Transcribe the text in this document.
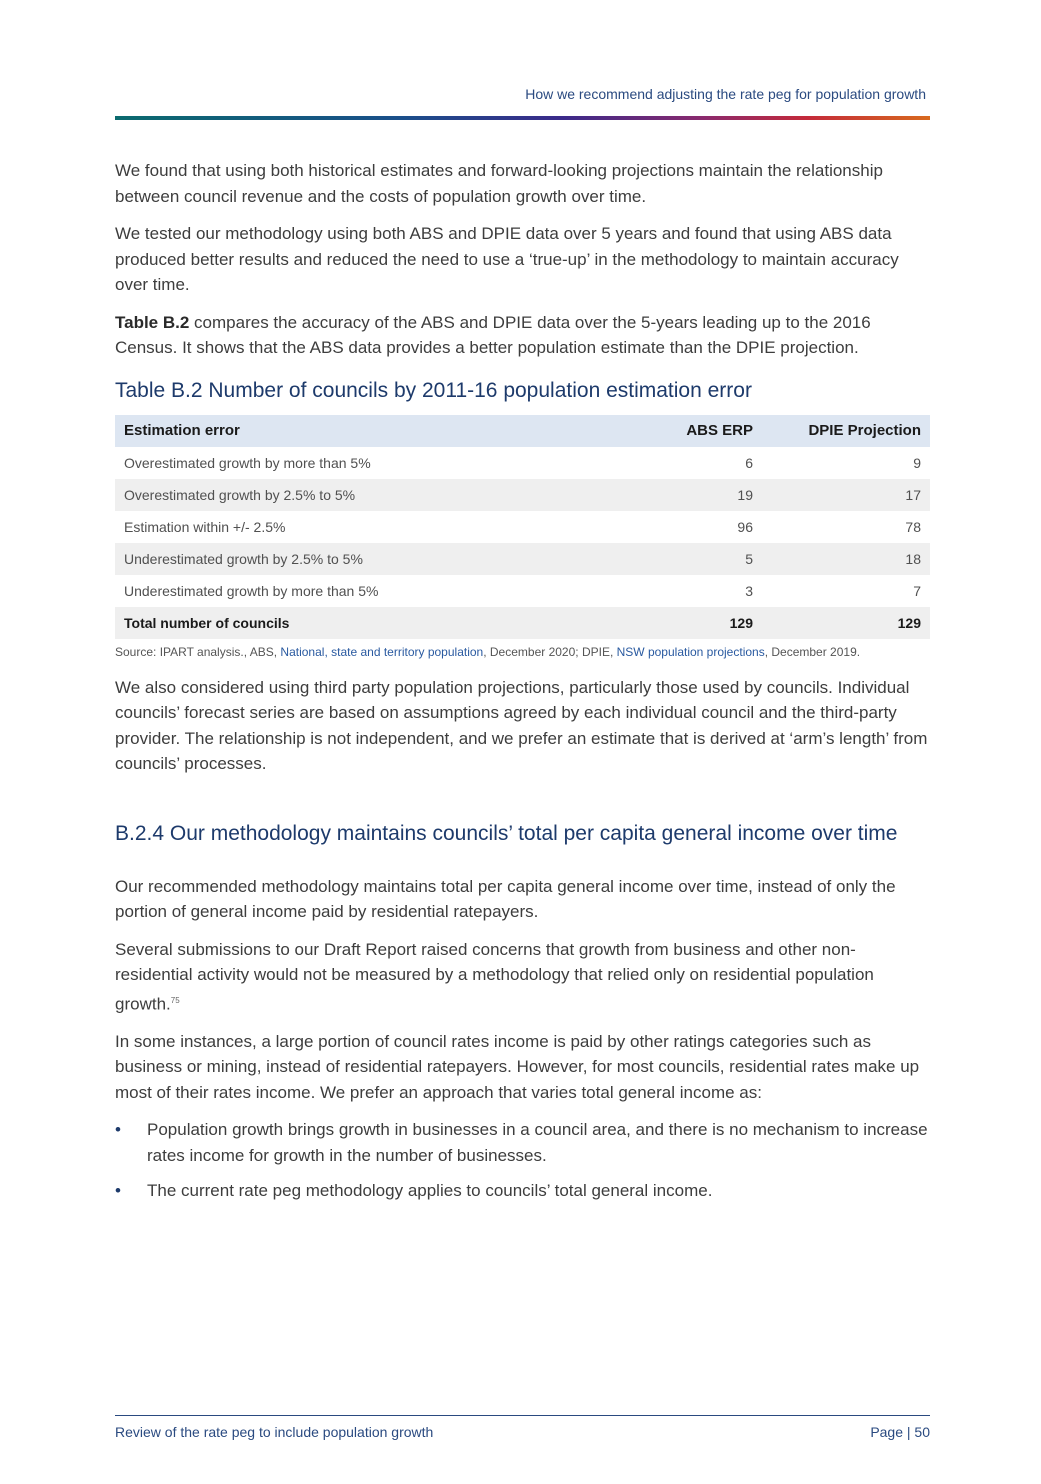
How we recommend adjusting the rate peg for population growth

We found that using both historical estimates and forward-looking projections maintain the relationship between council revenue and the costs of population growth over time.

We tested our methodology using both ABS and DPIE data over 5 years and found that using ABS data produced better results and reduced the need to use a ‘true-up’ in the methodology to maintain accuracy over time.

Table B.2 compares the accuracy of the ABS and DPIE data over the 5-years leading up to the 2016 Census. It shows that the ABS data provides a better population estimate than the DPIE projection.

Table B.2 Number of councils by 2011-16 population estimation error
Estimation error	ABS ERP	DPIE Projection
Overestimated growth by more than 5%	6	9
Overestimated growth by 2.5% to 5%	19	17
Estimation within +/- 2.5%	96	78
Underestimated growth by 2.5% to 5%	5	18
Underestimated growth by more than 5%	3	7
Total number of councils	129	129
Source: IPART analysis., ABS, National, state and territory population, December 2020; DPIE, NSW population projections, December 2019.

We also considered using third party population projections, particularly those used by councils. Individual councils’ forecast series are based on assumptions agreed by each individual council and the third-party provider. The relationship is not independent, and we prefer an estimate that is derived at ‘arm’s length’ from councils’ processes.

B.2.4 Our methodology maintains councils’ total per capita general income over time

Our recommended methodology maintains total per capita general income over time, instead of only the portion of general income paid by residential ratepayers.

Several submissions to our Draft Report raised concerns that growth from business and other non-residential activity would not be measured by a methodology that relied only on residential population growth.$^{75}$

In some instances, a large portion of council rates income is paid by other ratings categories such as business or mining, instead of residential ratepayers. However, for most councils, residential rates make up most of their rates income. We prefer an approach that varies total general income as:

• Population growth brings growth in businesses in a council area, and there is no mechanism to increase rates income for growth in the number of businesses.
• The current rate peg methodology applies to councils’ total general income.
Review of the rate peg to include population growth	Page | 50
